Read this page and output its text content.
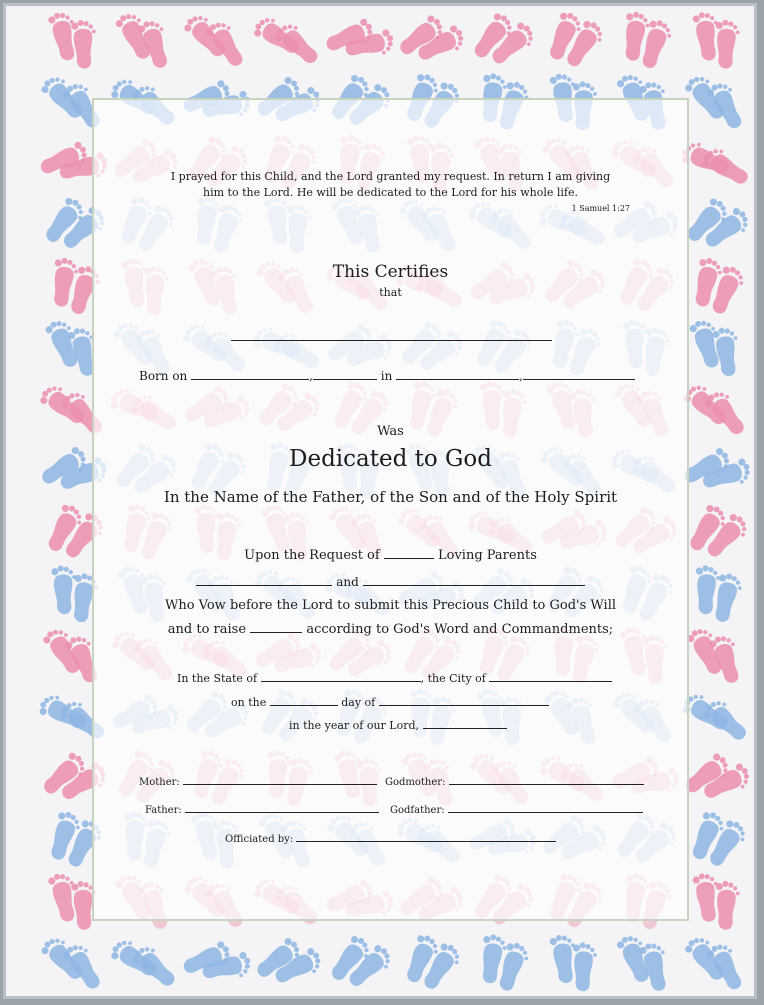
I prayed for this Child, and the Lord granted my request. In return I am giving
him to the Lord. He will be dedicated to the Lord for his whole life.
1 Samuel 1:27
This Certifies
that
Born on	,	in	,
Was
Dedicated to God
In the Name of the Father, of the Son and of the Holy Spirit
Upon the Request of	Loving Parents
and
Who Vow before the Lord to submit this Precious Child to God's Will
and to raise	according to God's Word and Commandments;
In the State of	, the City of
on the	day of
in the year of our Lord,
Mother:	Godmother:
Father:	Godfather:
Officiated by:
